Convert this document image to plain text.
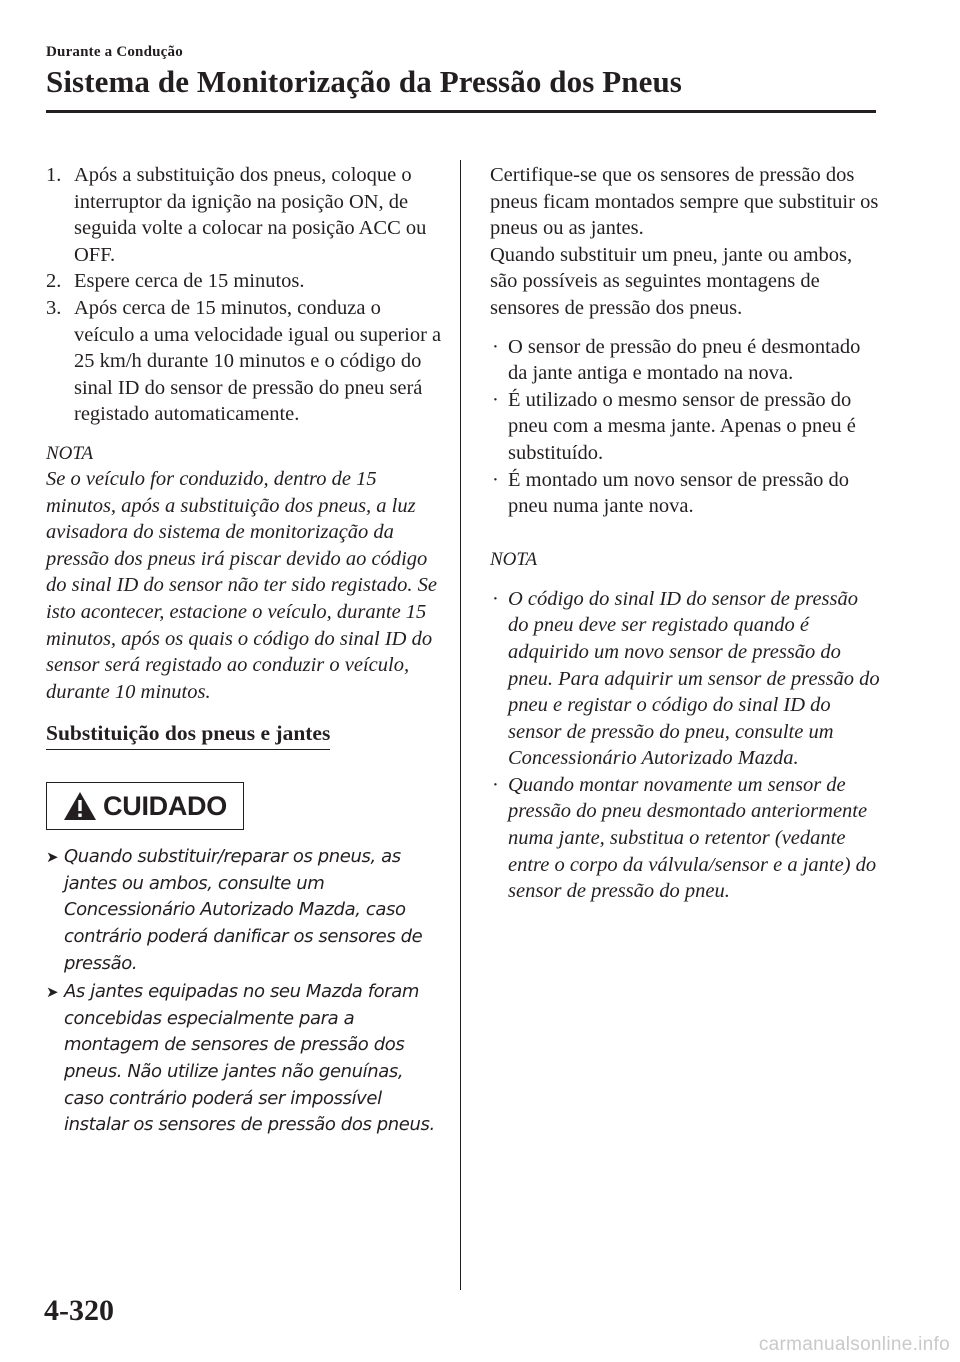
Durante a Condução
Sistema de Monitorização da Pressão dos Pneus
1. Após a substituição dos pneus, coloque o interruptor da ignição na posição ON, de seguida volte a colocar na posição ACC ou OFF.
2. Espere cerca de 15 minutos.
3. Após cerca de 15 minutos, conduza o veículo a uma velocidade igual ou superior a 25 km/h durante 10 minutos e o código do sinal ID do sensor de pressão do pneu será registado automaticamente.

NOTA

Se o veículo for conduzido, dentro de 15 minutos, após a substituição dos pneus, a luz avisadora do sistema de monitorização da pressão dos pneus irá piscar devido ao código do sinal ID do sensor não ter sido registado. Se isto acontecer, estacione o veículo, durante 15 minutos, após os quais o código do sinal ID do sensor será registado ao conduzir o veículo, durante 10 minutos.

Substituição dos pneus e jantes
CUIDADO
➤ Quando substituir/reparar os pneus, as jantes ou ambos, consulte um Concessionário Autorizado Mazda, caso contrário poderá danificar os sensores de pressão.
➤ As jantes equipadas no seu Mazda foram concebidas especialmente para a montagem de sensores de pressão dos pneus. Não utilize jantes não genuínas, caso contrário poderá ser impossível instalar os sensores de pressão dos pneus.

Certifique-se que os sensores de pressão dos pneus ficam montados sempre que substituir os pneus ou as jantes.

Quando substituir um pneu, jante ou ambos, são possíveis as seguintes montagens de sensores de pressão dos pneus.

· O sensor de pressão do pneu é desmontado da jante antiga e montado na nova.
· É utilizado o mesmo sensor de pressão do pneu com a mesma jante. Apenas o pneu é substituído.
· É montado um novo sensor de pressão do pneu numa jante nova.

NOTA

· O código do sinal ID do sensor de pressão do pneu deve ser registado quando é adquirido um novo sensor de pressão do pneu. Para adquirir um sensor de pressão do pneu e registar o código do sinal ID do sensor de pressão do pneu, consulte um Concessionário Autorizado Mazda.
· Quando montar novamente um sensor de pressão do pneu desmontado anteriormente numa jante, substitua o retentor (vedante entre o corpo da válvula/sensor e a jante) do sensor de pressão do pneu.
4-320
carmanualsonline.info
